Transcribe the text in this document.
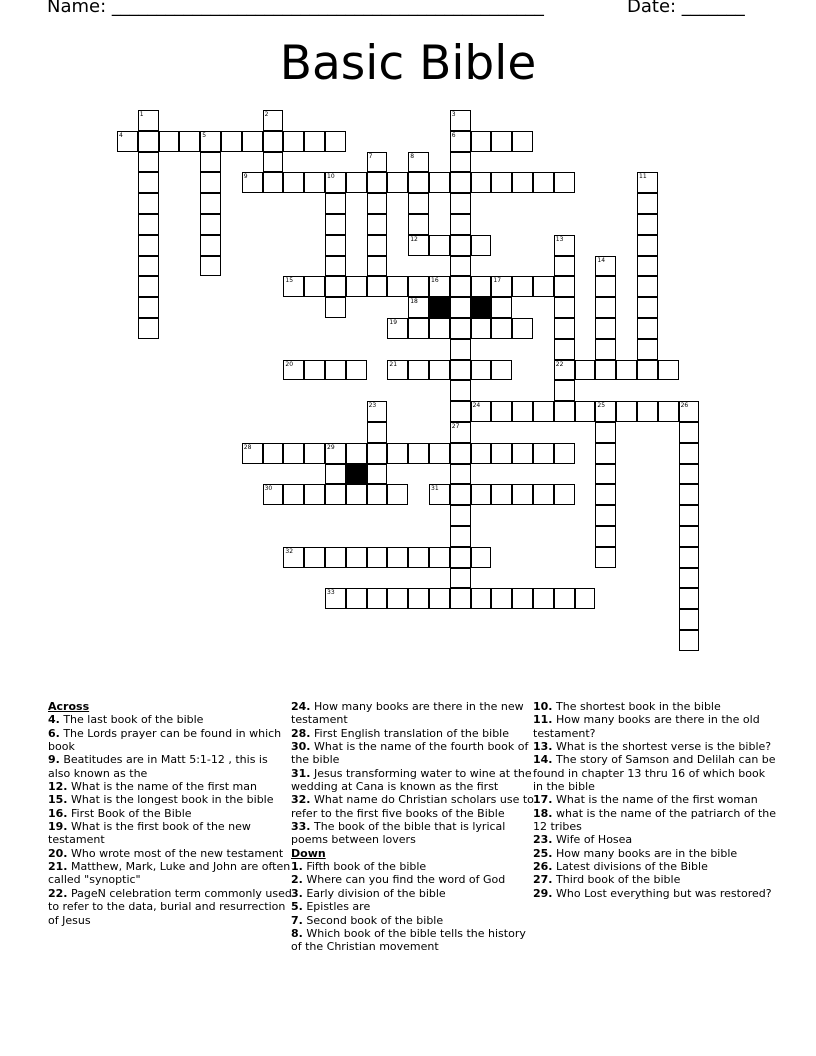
Name: ________________________________________________	Date: _______
Basic Bible
1	2	3
6
4	5
7	8
9	10	11
12	13
22
14
15	16	17
18
19
20	21
23	24	25	26
27
28	29
30	31
32
33
Across
4. The last book of the bible
6. The Lords prayer can be found in which book
9. Beatitudes are in Matt 5:1-12 , this is also known as the
12. What is the name of the first man
15. What is the longest book in the bible
16. First Book of the Bible
19. What is the first book of the new testament
20. Who wrote most of the new testament
21. Matthew, Mark, Luke and John are often called "synoptic"
22. PageN celebration term commonly used to refer to the data, burial and resurrection of Jesus
24. How many books are there in the new testament
28. First English translation of the bible
30. What is the name of the fourth book of the bible
31. Jesus transforming water to wine at the wedding at Cana is known as the first
32. What name do Christian scholars use to refer to the first five books of the Bible
33. The book of the bible that is lyrical poems between lovers
Down
1. Fifth book of the bible
2. Where can you find the word of God
3. Early division of the bible
5. Epistles are
7. Second book of the bible
8. Which book of the bible tells the history of the Christian movement
10. The shortest book in the bible
11. How many books are there in the old testament?
13. What is the shortest verse is the bible?
14. The story of Samson and Delilah can be found in chapter 13 thru 16 of which book in the bible
17. What is the name of the first woman
18. what is the name of the patriarch of the 12 tribes
23. Wife of Hosea
25. How many books are in the bible
26. Latest divisions of the Bible
27. Third book of the bible
29. Who Lost everything but was restored?
